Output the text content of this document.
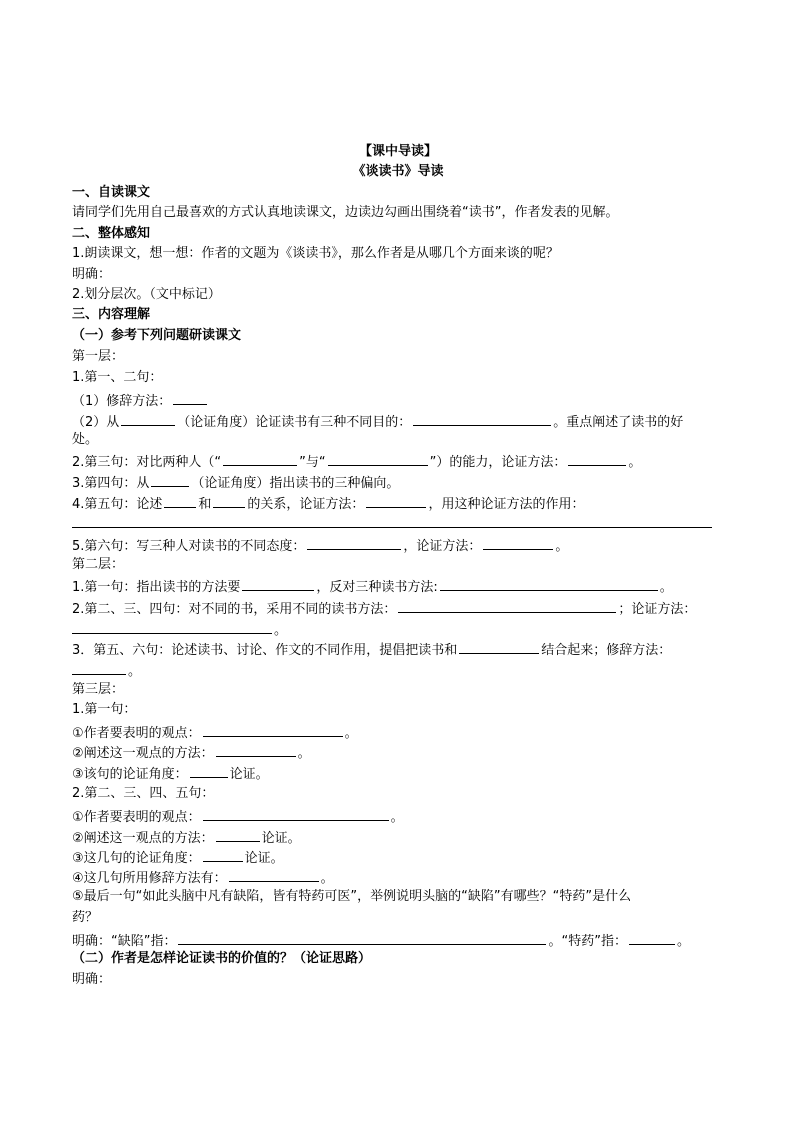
【课中导读】
《谈读书》导读
一、自读课文
请同学们先用自己最喜欢的方式认真地读课文，边读边勾画出围绕着“读书”，作者发表的见解。
二、整体感知
1.朗读课文，想一想：作者的文题为《谈读书》，那么作者是从哪几个方面来谈的呢？
明确：
2.划分层次。（文中标记）
三、内容理解
（一）参考下列问题研读课文
第一层：
1.第一、二句：
（1）修辞方法：
（2）从	（论证角度）论证读书有三种不同目的：	。重点阐述了读书的好
处。
2.第三句：对比两种人（“	”与“	”）的能力，论证方法：	。
3.第四句：从	（论证角度）指出读书的三种偏向。
4.第五句：论述	和	的关系，论证方法：	，用这种论证方法的作用：
5.第六句：写三种人对读书的不同态度：	，论证方法：	。
第二层：
1.第一句：指出读书的方法要	，反对三种读书方法:	。
2.第二、三、四句：对不同的书，采用不同的读书方法：	；论证方法：
。
3．第五、六句：论述读书、讨论、作文的不同作用，提倡把读书和	结合起来；修辞方法：
。
第三层：
1.第一句：
①作者要表明的观点：	。
②阐述这一观点的方法：	。
③该句的论证角度：	论证。
2.第二、三、四、五句：
①作者要表明的观点：	。
②阐述这一观点的方法：	论证。
③这几句的论证角度：	论证。
④这几句所用修辞方法有：	。
⑤最后一句“如此头脑中凡有缺陷，皆有特药可医”，举例说明头脑的“缺陷”有哪些？“特药”是什么
药？
明确：“缺陷”指：	。“特药”指：	。
（二）作者是怎样论证读书的价值的？（论证思路）
明确：
